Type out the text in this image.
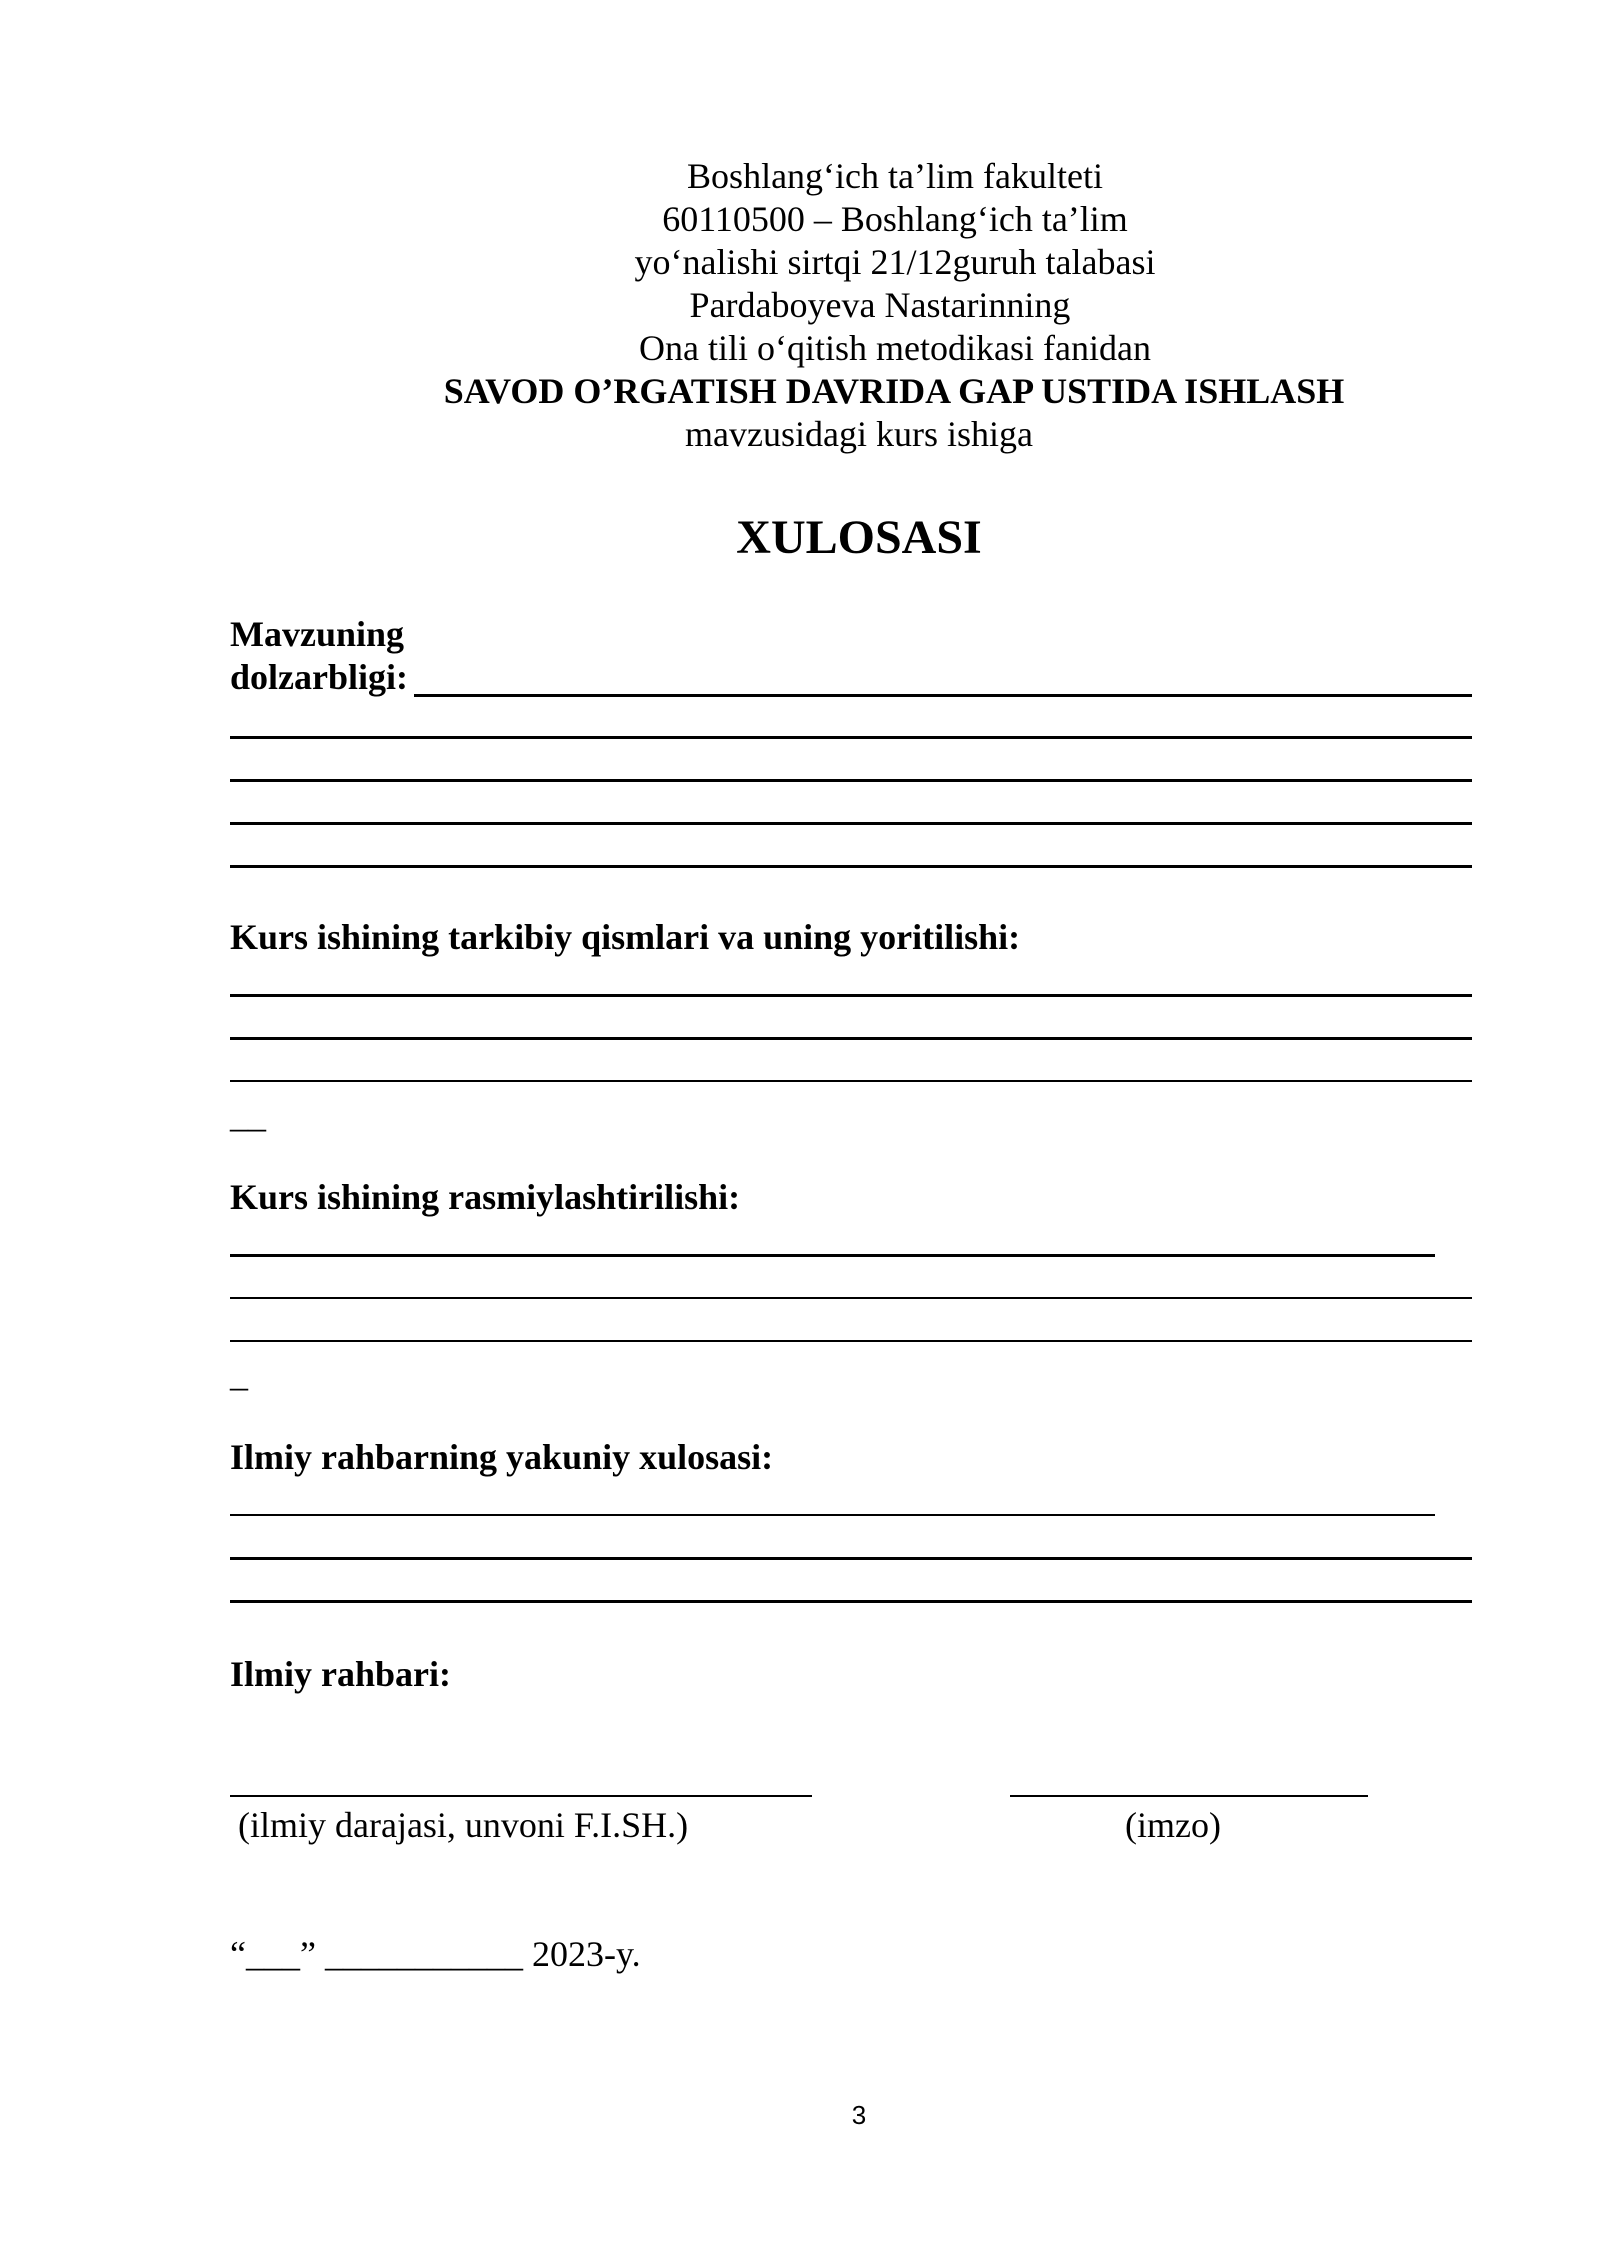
Boshlang‘ich ta’lim fakulteti
60110500 – Boshlang‘ich ta’lim
yo‘nalishi sirtqi 21/12guruh talabasi
Pardaboyeva Nastarinning
Ona tili o‘qitish metodikasi fanidan
SAVOD O’RGATISH DAVRIDA GAP USTIDA ISHLASH
mavzusidagi kurs ishiga
XULOSASI
Mavzuning
dolzarbligi:
Kurs ishining tarkibiy qismlari va uning yoritilishi:
__
Kurs ishining rasmiylashtirilishi:
_
Ilmiy rahbarning yakuniy xulosasi:
Ilmiy rahbari:
(ilmiy darajasi, unvoni F.I.SH.)	(imzo)
“___” ___________ 2023-y.
3
